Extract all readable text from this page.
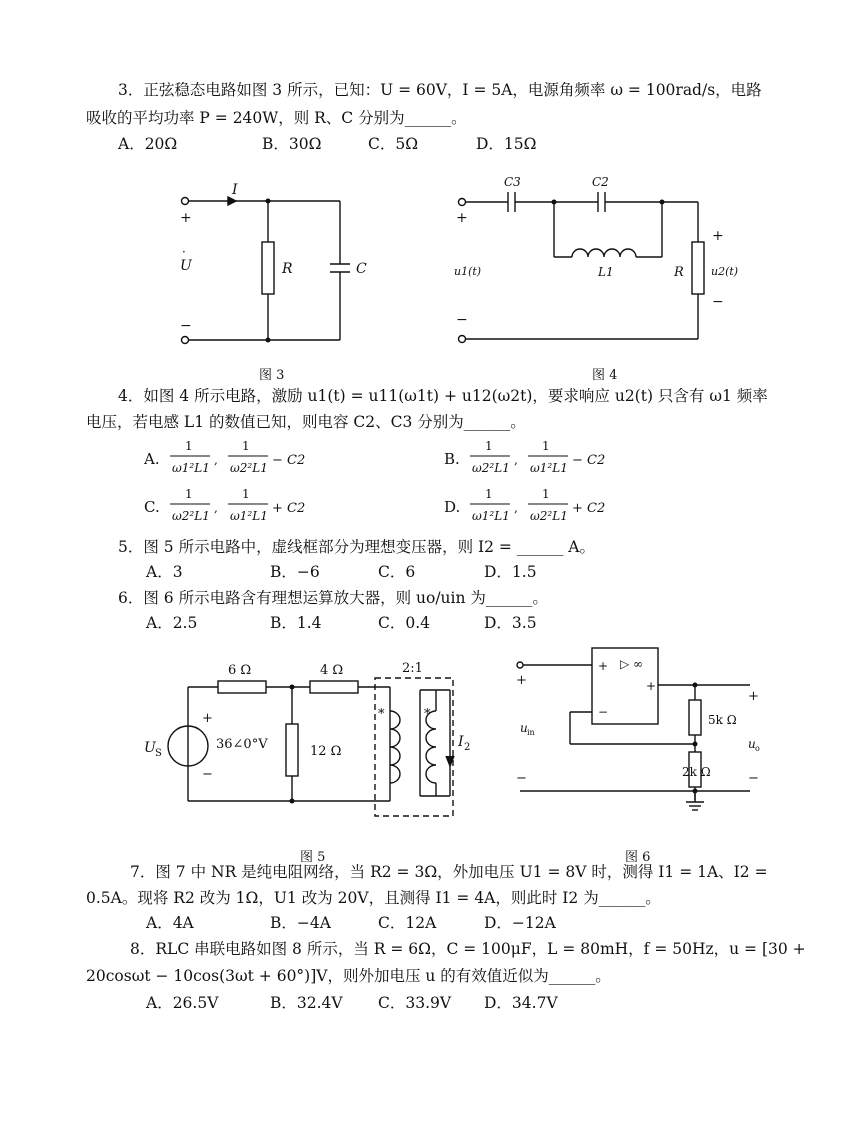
3．正弦稳态电路如图 3 所示，已知：U = 60V，I = 5A，电源角频率 ω = 100rad/s，电路
吸收的平均功率 P = 240W，则 R、C 分别为______。
A．20Ω	B．30Ω	C．5Ω	D．15Ω
I
+
U
·
−
R	C
C3	C2
L1	R
u1(t)	u2(t)
+
−
+
−
图 3	图 4
4．如图 4 所示电路，激励 u1(t) = u11(ω1t) + u12(ω2t)，要求响应 u2(t) 只含有 ω1 频率
电压，若电感 L1 的数值已知，则电容 C2、C3 分别为______。
A.	B.
C.	D.
1
ω1²L1
,
1
ω2²L1 − C2
1
ω2²L1
,
1
ω1²L1 − C2
1
ω2²L1
,
1
ω1²L1 + C2
1
ω1²L1
,
1
ω2²L1 + C2
5．图 5 所示电路中，虚线框部分为理想变压器，则 I2 = ______ A。
A．3	B．−6	C．6	D．1.5
6．图 6 所示电路含有理想运算放大器，则 uo/uin 为______。
A．2.5	B．1.4	C．0.4	D．3.5
6 Ω	4 Ω	2:1
12 Ω
36∠0°V
+
−
U S
*	*
I 2
+
−
▷ ∞
+
5k Ω
2k Ω
+
−
+
−
u in
u o
图 5	图 6
7．图 7 中 NR 是纯电阻网络，当 R2 = 3Ω，外加电压 U1 = 8V 时，测得 I1 = 1A、I2 =
0.5A。现将 R2 改为 1Ω，U1 改为 20V，且测得 I1 = 4A，则此时 I2 为______。
A．4A	B．−4A	C．12A	D．−12A
8．RLC 串联电路如图 8 所示，当 R = 6Ω，C = 100μF，L = 80mH，f = 50Hz，u = [30 +
20cosωt − 10cos(3ωt + 60°)]V，则外加电压 u 的有效值近似为______。
A．26.5V	B．32.4V C．33.9V D．34.7V
